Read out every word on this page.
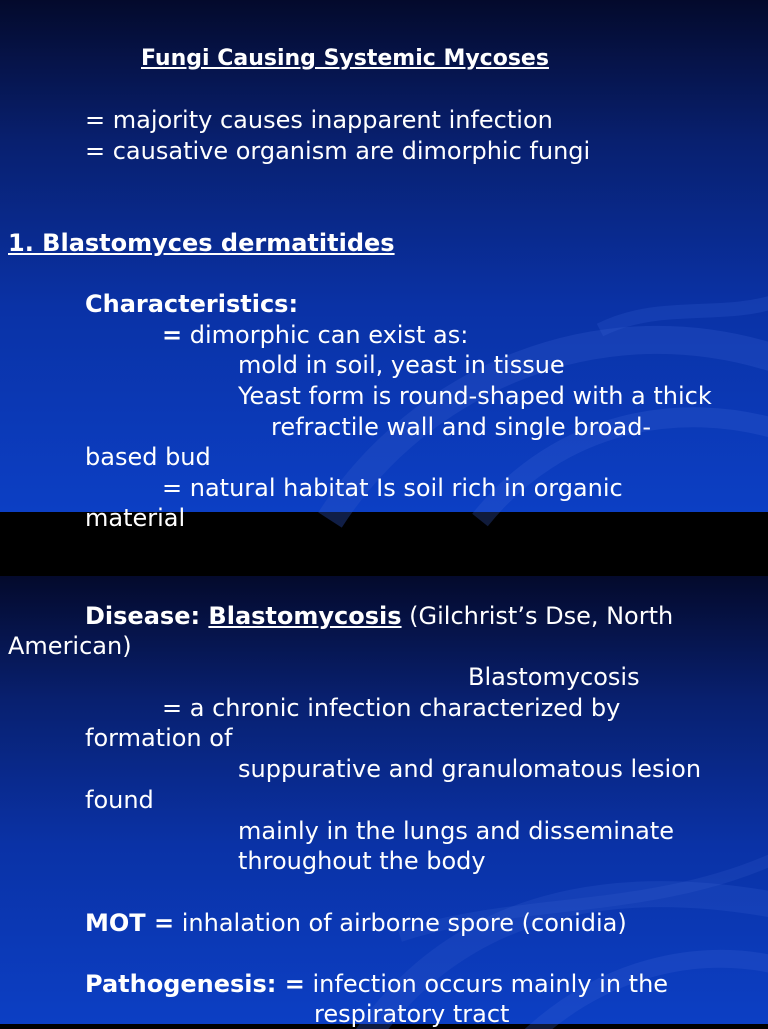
Fungi Causing Systemic Mycoses
= majority causes inapparent infection
= causative organism are dimorphic fungi
1. Blastomyces dermatitides
Characteristics:
= dimorphic can exist as:
mold in soil, yeast in tissue
Yeast form is round-shaped with a thick
refractile wall and single broad-
based bud
= natural habitat Is soil rich in organic
material
Disease: Blastomycosis (Gilchrist’s Dse, North
American)
Blastomycosis
= a chronic infection characterized by
formation of
suppurative and granulomatous lesion
found
mainly in the lungs and disseminate
throughout the body
MOT = inhalation of airborne spore (conidia)
Pathogenesis: = infection occurs mainly in the
respiratory tract
